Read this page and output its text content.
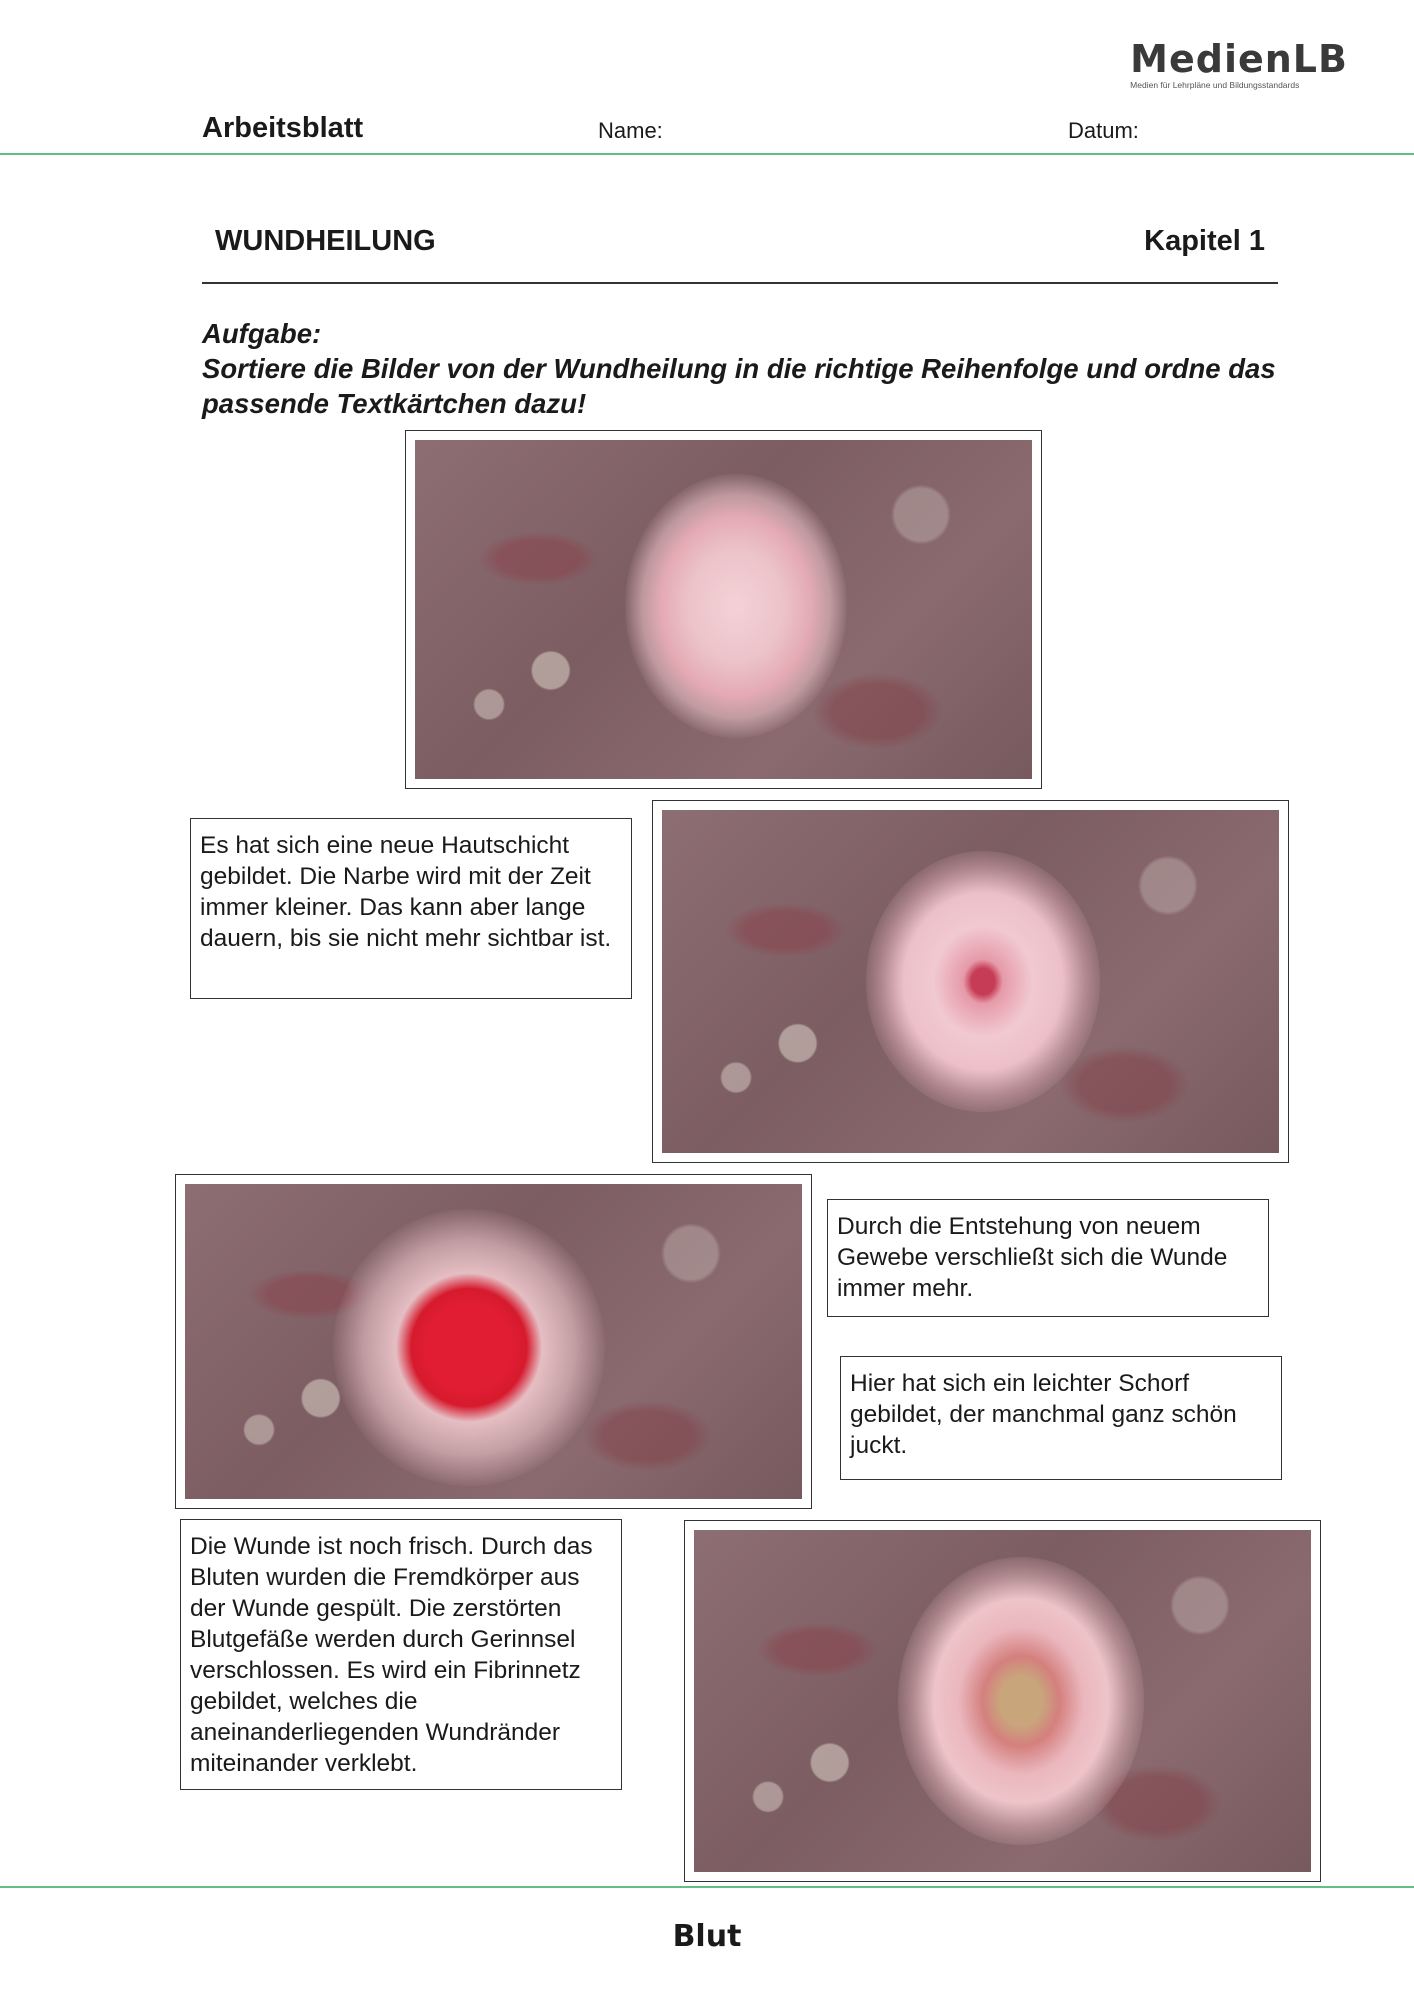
MedienLB
Medien für Lehrpläne und Bildungsstandards
Arbeitsblatt	Name:	Datum:
WUNDHEILUNG	Kapitel 1
Aufgabe:
Sortiere die Bilder von der Wundheilung in die richtige Reihenfolge und ordne das passende Textkärtchen dazu!
Es hat sich eine neue Hautschicht gebildet. Die Narbe wird mit der Zeit immer kleiner. Das kann aber lange dauern, bis sie nicht mehr sichtbar ist.
Durch die Entstehung von neuem Gewebe verschließt sich die Wunde immer mehr.
Hier hat sich ein leichter Schorf gebildet, der manchmal ganz schön juckt.
Die Wunde ist noch frisch. Durch das Bluten wurden die Fremdkörper aus der Wunde gespült. Die zerstörten Blutgefäße werden durch Gerinnsel verschlossen. Es wird ein Fibrinnetz gebildet, welches die aneinanderliegenden Wundränder miteinander verklebt.
Blut
